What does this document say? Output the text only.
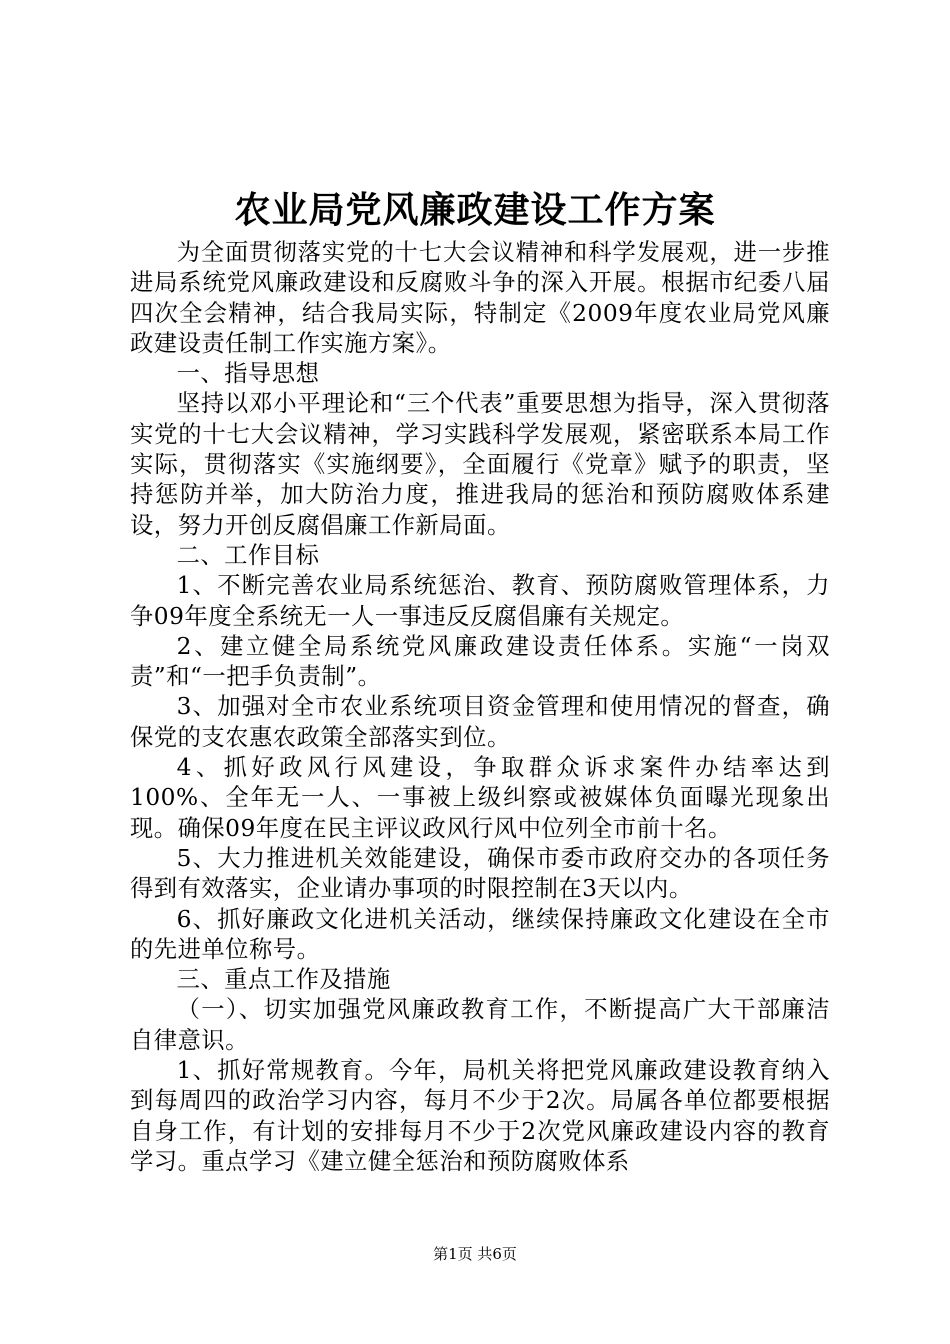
农业局党风廉政建设工作方案

为全面贯彻落实党的十七大会议精神和科学发展观，进一步推进局系统党风廉政建设和反腐败斗争的深入开展。根据市纪委八届四次全会精神，结合我局实际，特制定《2009年度农业局党风廉政建设责任制工作实施方案》。

一、指导思想

坚持以邓小平理论和“三个代表”重要思想为指导，深入贯彻落实党的十七大会议精神，学习实践科学发展观，紧密联系本局工作实际，贯彻落实《实施纲要》，全面履行《党章》赋予的职责，坚持惩防并举，加大防治力度，推进我局的惩治和预防腐败体系建设，努力开创反腐倡廉工作新局面。

二、工作目标

1、不断完善农业局系统惩治、教育、预防腐败管理体系，力争09年度全系统无一人一事违反反腐倡廉有关规定。

2、建立健全局系统党风廉政建设责任体系。实施“一岗双责”和“一把手负责制”。

3、加强对全市农业系统项目资金管理和使用情况的督查，确保党的支农惠农政策全部落实到位。

4、抓好政风行风建设，争取群众诉求案件办结率达到100%、全年无一人、一事被上级纠察或被媒体负面曝光现象出现。确保09年度在民主评议政风行风中位列全市前十名。

5、大力推进机关效能建设，确保市委市政府交办的各项任务得到有效落实，企业请办事项的时限控制在3天以内。

6、抓好廉政文化进机关活动，继续保持廉政文化建设在全市的先进单位称号。

三、重点工作及措施

（一）、切实加强党风廉政教育工作，不断提高广大干部廉洁自律意识。

1、抓好常规教育。今年，局机关将把党风廉政建设教育纳入到每周四的政治学习内容，每月不少于2次。局属各单位都要根据自身工作，有计划的安排每月不少于2次党风廉政建设内容的教育学习。重点学习《建立健全惩治和预防腐败体系

第1页 共6页
